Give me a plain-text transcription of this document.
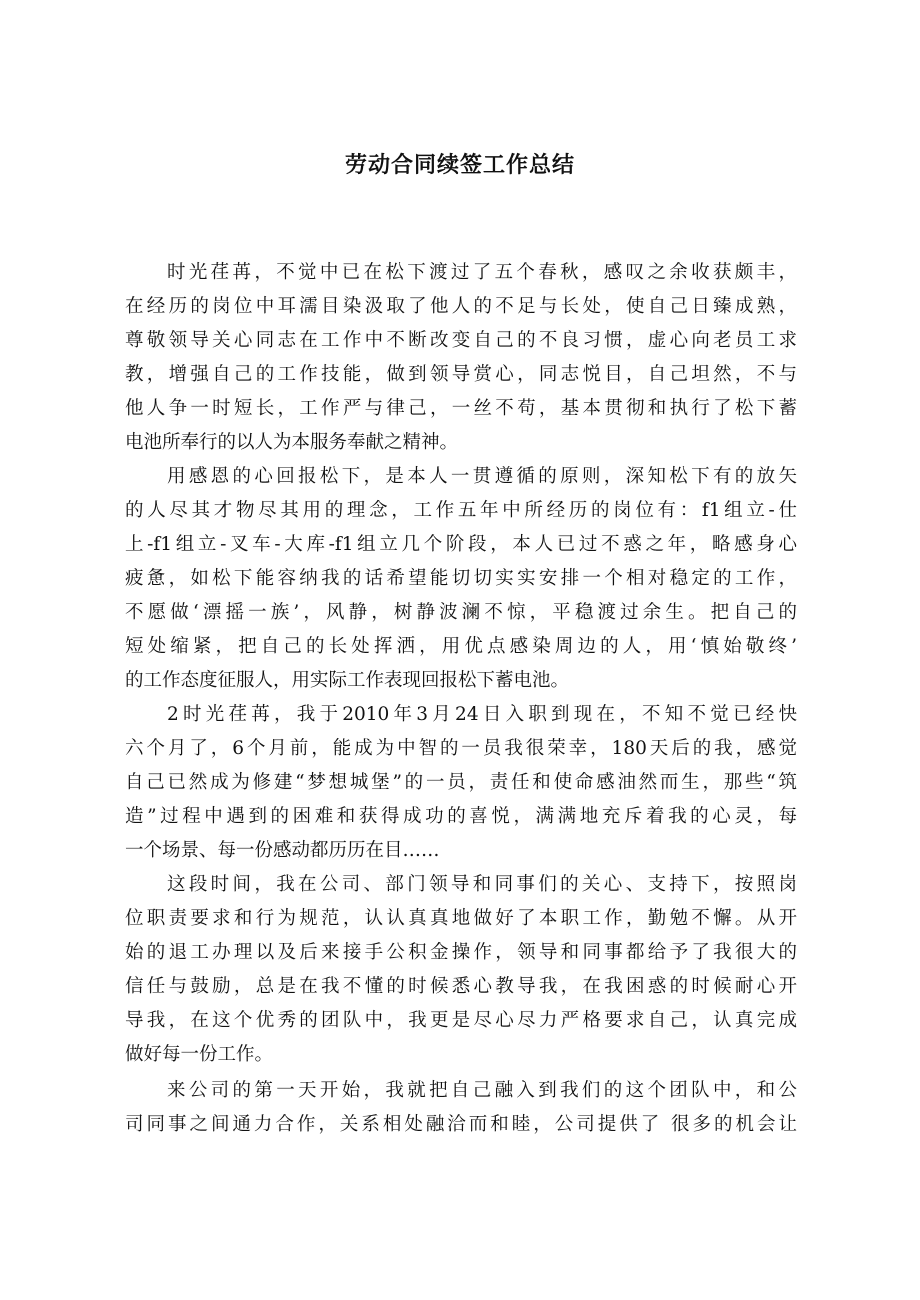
劳动合同续签工作总结
时光荏苒，不觉中已在松下渡过了五个春秋，感叹之余收获颇丰，
在经历的岗位中耳濡目染汲取了他人的不足与长处，使自己日臻成熟，
尊敬领导关心同志在工作中不断改变自己的不良习惯，虚心向老员工求
教，增强自己的工作技能，做到领导赏心，同志悦目，自己坦然，不与
他人争一时短长，工作严与律己，一丝不苟，基本贯彻和执行了松下蓄
电池所奉行的以人为本服务奉献之精神。
用感恩的心回报松下，是本人一贯遵循的原则，深知松下有的放矢
的人尽其才物尽其用的理念，工作五年中所经历的岗位有：f1组立-仕
上-f1组立-叉车-大库-f1组立几个阶段，本人已过不惑之年，略感身心
疲惫，如松下能容纳我的话希望能切切实实安排一个相对稳定的工作，
不愿做‘漂摇一族’，风静，树静波澜不惊，平稳渡过余生。把自己的
短处缩紧，把自己的长处挥洒，用优点感染周边的人，用‘慎始敬终’
的工作态度征服人，用实际工作表现回报松下蓄电池。
2时光荏苒，我于2010年3月24日入职到现在，不知不觉已经快
六个月了，6个月前，能成为中智的一员我很荣幸，180天后的我，感觉
自己已然成为修建“梦想城堡”的一员，责任和使命感油然而生，那些“筑
造”过程中遇到的困难和获得成功的喜悦，满满地充斥着我的心灵，每
一个场景、每一份感动都历历在目……
这段时间，我在公司、部门领导和同事们的关心、支持下，按照岗
位职责要求和行为规范，认认真真地做好了本职工作，勤勉不懈。从开
始的退工办理以及后来接手公积金操作，领导和同事都给予了我很大的
信任与鼓励，总是在我不懂的时候悉心教导我，在我困惑的时候耐心开
导我，在这个优秀的团队中，我更是尽心尽力严格要求自己，认真完成
做好每一份工作。
来公司的第一天开始，我就把自己融入到我们的这个团队中，和公
司同事之间通力合作，关系相处融洽而和睦，公司提供了 很多的机会让
